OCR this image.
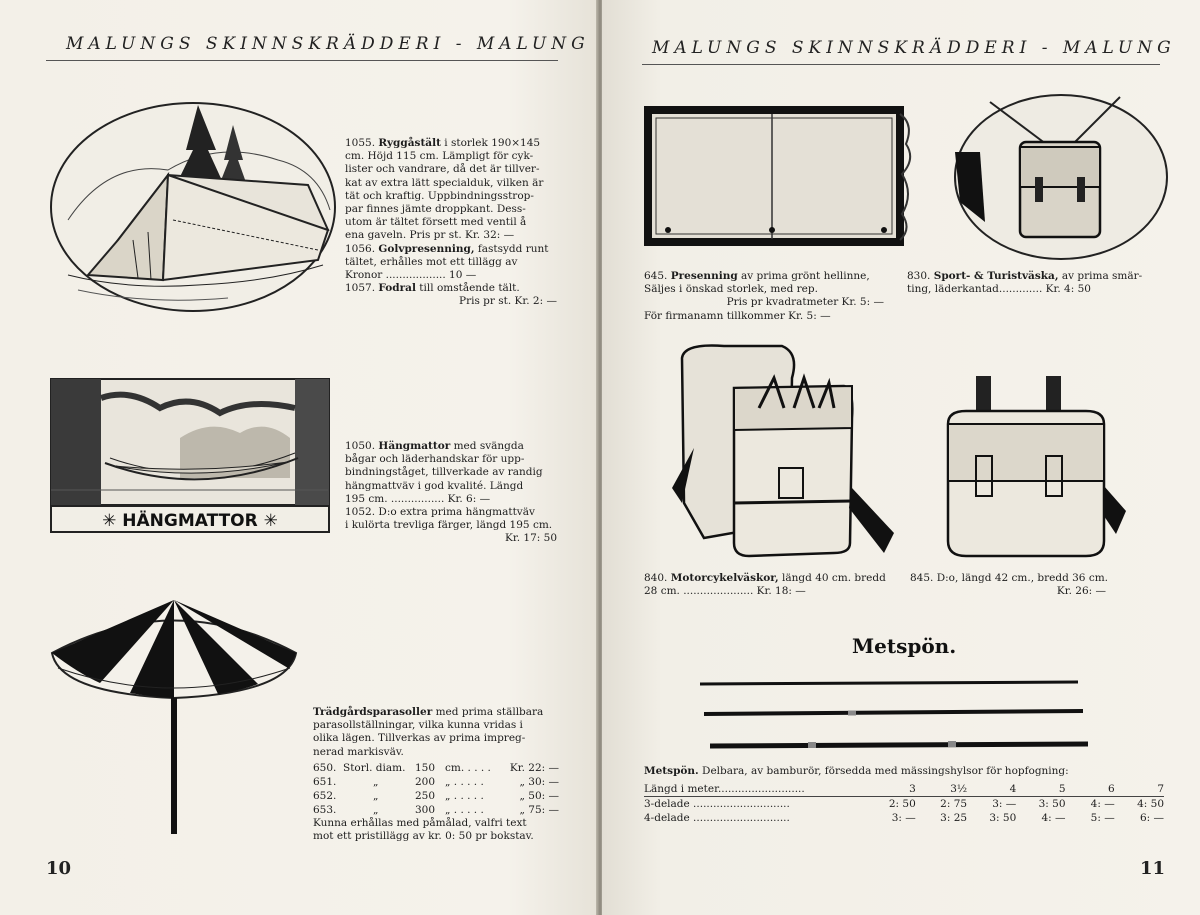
MALUNGS SKINNSKRÄDDERI - MALUNG
1055. Ryggåstält i storlek 190×145
cm. Höjd 115 cm. Lämpligt för cyk-
lister och vandrare, då det är tillver-
kat av extra lätt specialduk, vilken är
tät och kraftig. Uppbindningsstrop-
par finnes jämte droppkant. Dess-
utom är tältet försett med ventil å
ena gaveln. Pris pr st. Kr. 32: —
1056. Golvpresenning, fastsydd runt
tältet, erhålles mot ett tillägg av
Kronor .................. 10 —
1057. Fodral till omstående tält.
Pris pr st. Kr. 2: —
✳ HÄNGMATTOR ✳
1050. Hängmattor med svängda
bågar och läderhandskar för upp-
bindningståget, tillverkade av randig
hängmattväv i god kvalité. Längd
195 cm. ................ Kr. 6: —
1052. D:o extra prima hängmattväv
i kulörta trevliga färger, längd 195 cm.
Kr. 17: 50
Trädgårdsparasoller med prima ställbara
parasollställningar, vilka kunna vridas i
olika lägen. Tillverkas av prima impreg-
nerad markisväv.
650.	Storl. diam.	150	cm. . . . .	Kr. 22: —
651.	„	200	„ . . . . .	„ 30: —
652.	„	250	„ . . . . .	„ 50: —
653.	„	300	„ . . . . .	„ 75: —
Kunna erhållas med påmålad, valfri text
mot ett pristillägg av kr. 0: 50 pr bokstav.
10
MALUNGS SKINNSKRÄDDERI - MALUNG
645. Presenning av prima grönt hellinne,
Säljes i önskad storlek, med rep.
Pris pr kvadratmeter Kr. 5: —
För firmanamn tillkommer Kr. 5: —
830. Sport- & Turistväska, av prima smär-
ting, läderkantad............. Kr. 4: 50
840. Motorcykelväskor, längd 40 cm. bredd
28 cm. ..................... Kr. 18: —
845. D:o, längd 42 cm., bredd 36 cm.
Kr. 26: —
Metspön.
Metspön. Delbara, av bamburör, försedda med mässingshylsor för hopfogning:
Längd i meter..........................	3	3½	4	5	6	7
3-delade .............................	2: 50	2: 75	3: —	3: 50	4: —	4: 50
4-delade .............................	3: —	3: 25	3: 50	4: —	5: —	6: —
11
